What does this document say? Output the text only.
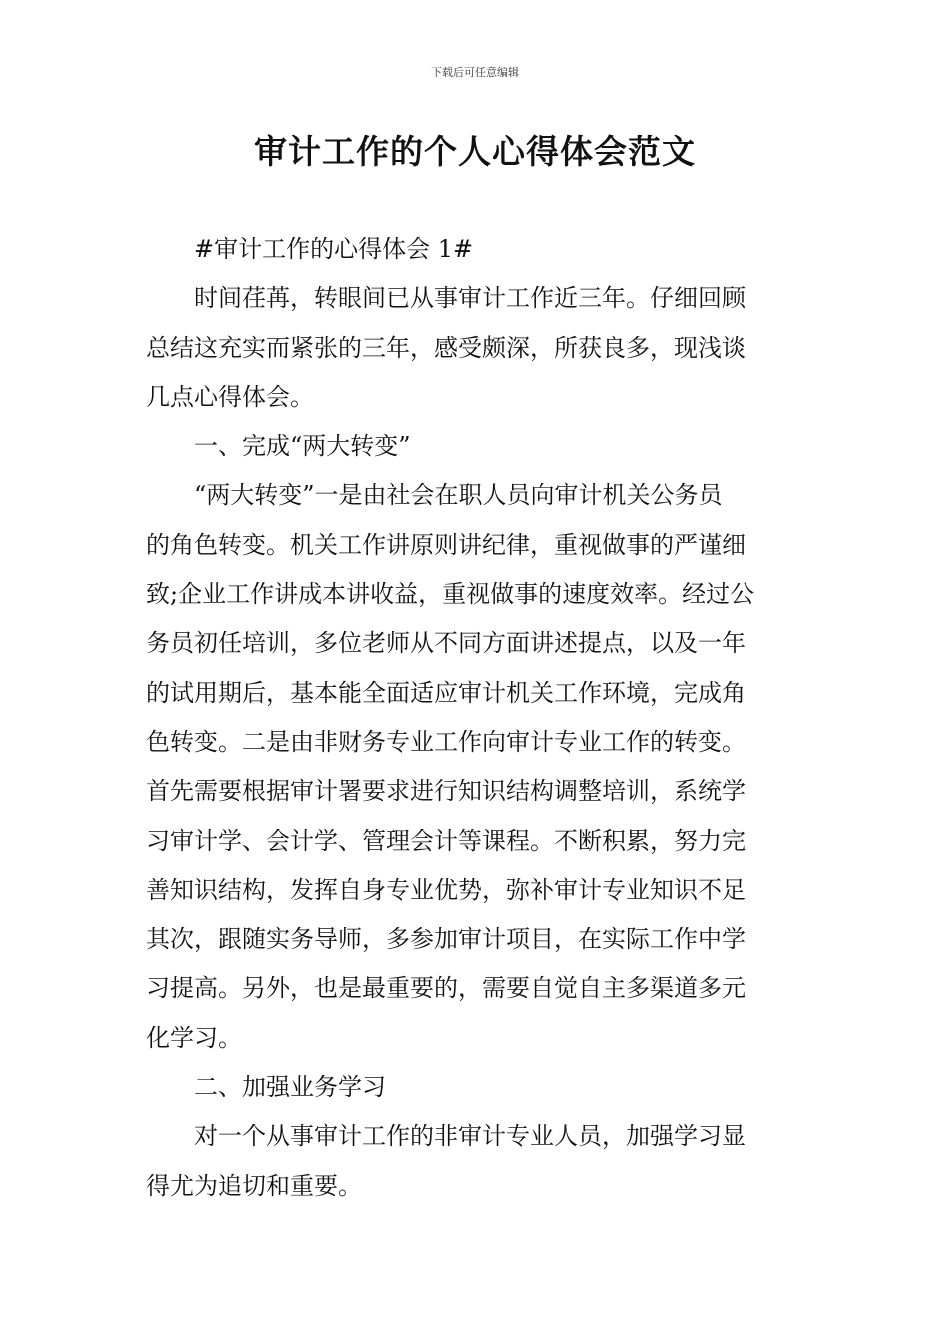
下载后可任意编辑
审计工作的个人心得体会范文

#审计工作的心得体会 1#

时间荏苒，转眼间已从事审计工作近三年。仔细回顾
总结这充实而紧张的三年，感受颇深，所获良多，现浅谈
几点心得体会。

一、完成“两大转变”

“两大转变”一是由社会在职人员向审计机关公务员
的角色转变。机关工作讲原则讲纪律，重视做事的严谨细
致;企业工作讲成本讲收益，重视做事的速度效率。经过公
务员初任培训，多位老师从不同方面讲述提点，以及一年
的试用期后，基本能全面适应审计机关工作环境，完成角
色转变。二是由非财务专业工作向审计专业工作的转变。
首先需要根据审计署要求进行知识结构调整培训，系统学
习审计学、会计学、管理会计等课程。不断积累，努力完
善知识结构，发挥自身专业优势，弥补审计专业知识不足
其次，跟随实务导师，多参加审计项目，在实际工作中学
习提高。另外，也是最重要的，需要自觉自主多渠道多元
化学习。

二、加强业务学习

对一个从事审计工作的非审计专业人员，加强学习显
得尤为追切和重要。
